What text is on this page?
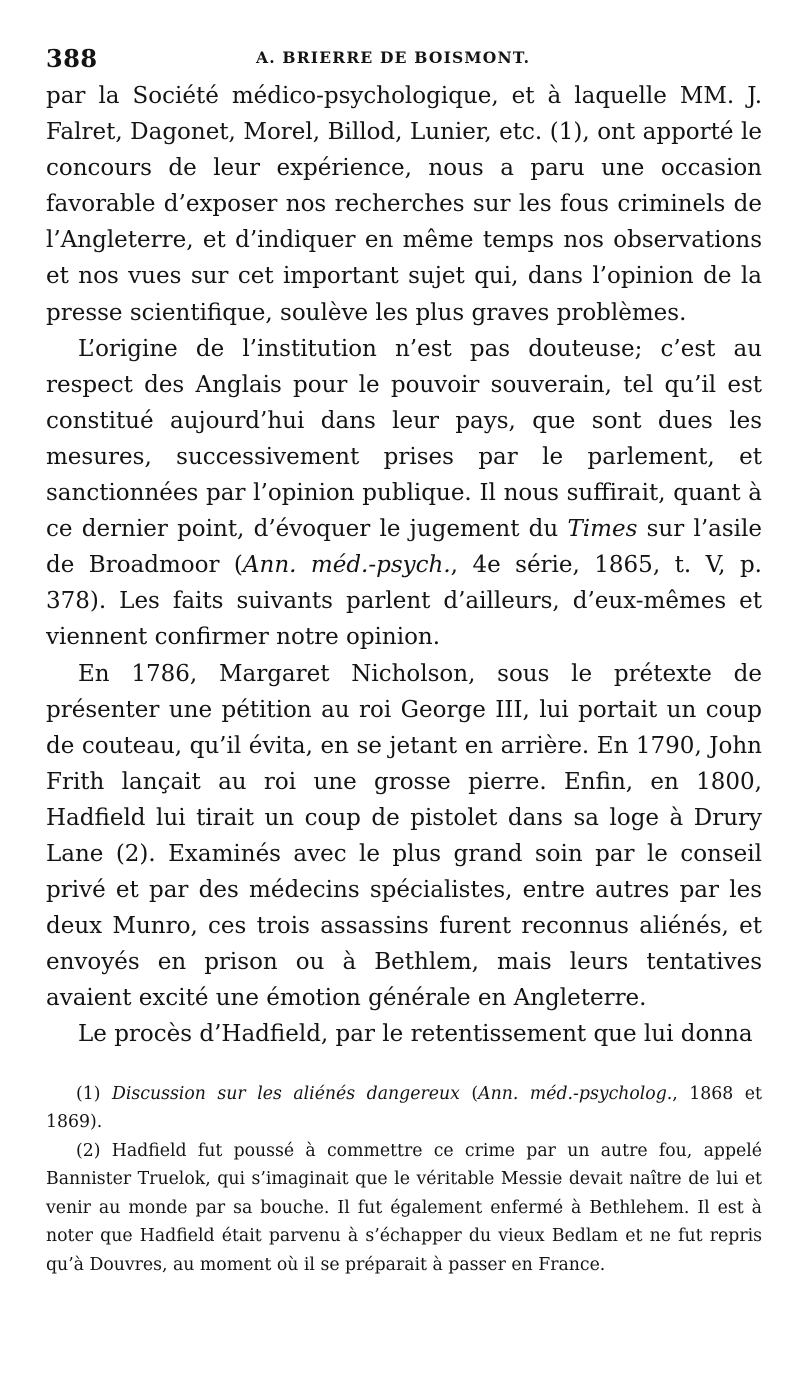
388	A. BRIERRE DE BOISMONT.

par la Société médico-psychologique, et à laquelle MM. J. Falret, Dagonet, Morel, Billod, Lunier, etc. (1), ont apporté le concours de leur expérience, nous a paru une occasion favorable d’exposer nos recherches sur les fous criminels de l’Angleterre, et d’indiquer en même temps nos observations et nos vues sur cet important sujet qui, dans l’opinion de la presse scientifique, soulève les plus graves problèmes.

L’origine de l’institution n’est pas douteuse; c’est au respect des Anglais pour le pouvoir souverain, tel qu’il est constitué aujourd’hui dans leur pays, que sont dues les mesures, successivement prises par le parlement, et sanctionnées par l’opinion publique. Il nous suffirait, quant à ce dernier point, d’évoquer le jugement du Times sur l’asile de Broadmoor (Ann. méd.-psych., 4e série, 1865, t. V, p. 378). Les faits suivants parlent d’ailleurs, d’eux-mêmes et viennent confirmer notre opinion.

En 1786, Margaret Nicholson, sous le prétexte de présenter une pétition au roi George III, lui portait un coup de couteau, qu’il évita, en se jetant en arrière. En 1790, John Frith lançait au roi une grosse pierre. Enfin, en 1800, Hadfield lui tirait un coup de pistolet dans sa loge à Drury Lane (2). Examinés avec le plus grand soin par le conseil privé et par des médecins spécialistes, entre autres par les deux Munro, ces trois assassins furent reconnus aliénés, et envoyés en prison ou à Bethlem, mais leurs tentatives avaient excité une émotion générale en Angleterre.

Le procès d’Hadfield, par le retentissement que lui donna

(1) Discussion sur les aliénés dangereux (Ann. méd.-psycholog., 1868 et 1869).

(2) Hadfield fut poussé à commettre ce crime par un autre fou, appelé Bannister Truelok, qui s’imaginait que le véritable Messie devait naître de lui et venir au monde par sa bouche. Il fut également enfermé à Bethlehem. Il est à noter que Hadfield était parvenu à s’échapper du vieux Bedlam et ne fut repris qu’à Douvres, au moment où il se préparait à passer en France.
